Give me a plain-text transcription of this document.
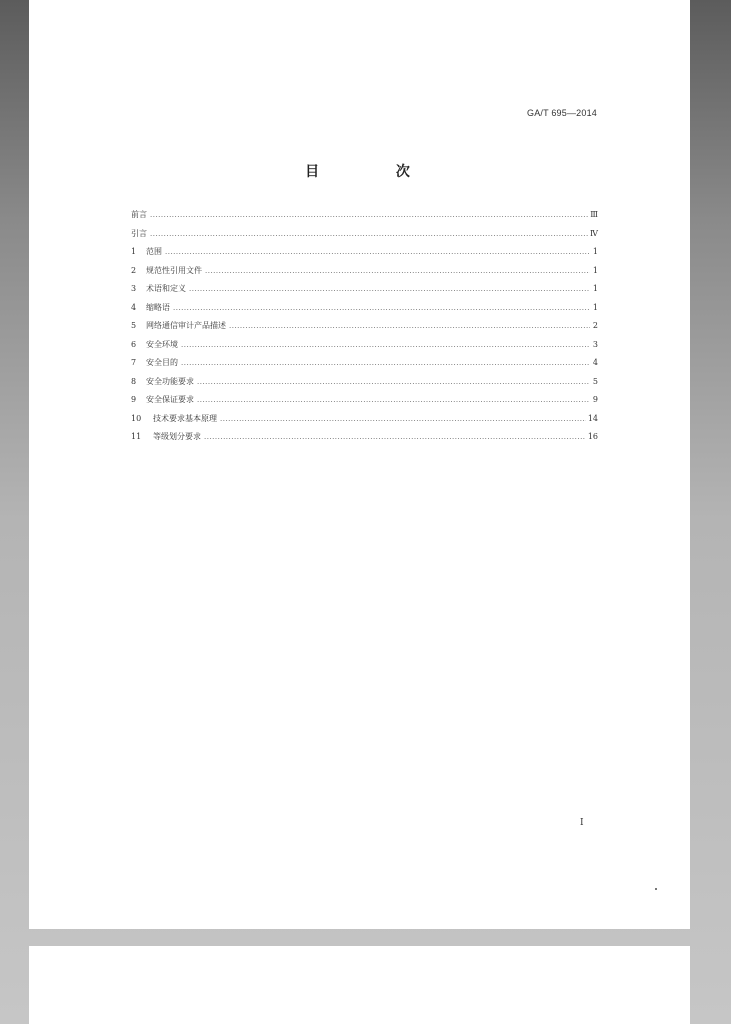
GA/T 695—2014
目 次
前言 .....	Ⅲ
引言 .....	Ⅳ
1	范围 .....	1
2	规范性引用文件 .....	1
3	术语和定义 .....	1
4	缩略语 .....	1
5	网络通信审计产品描述 .....	2
6	安全环境 .....	3
7	安全目的 .....	4
8	安全功能要求 .....	5
9	安全保证要求 .....	9
10	技术要求基本原理 .....	14
11	等级划分要求 .....	16
I
